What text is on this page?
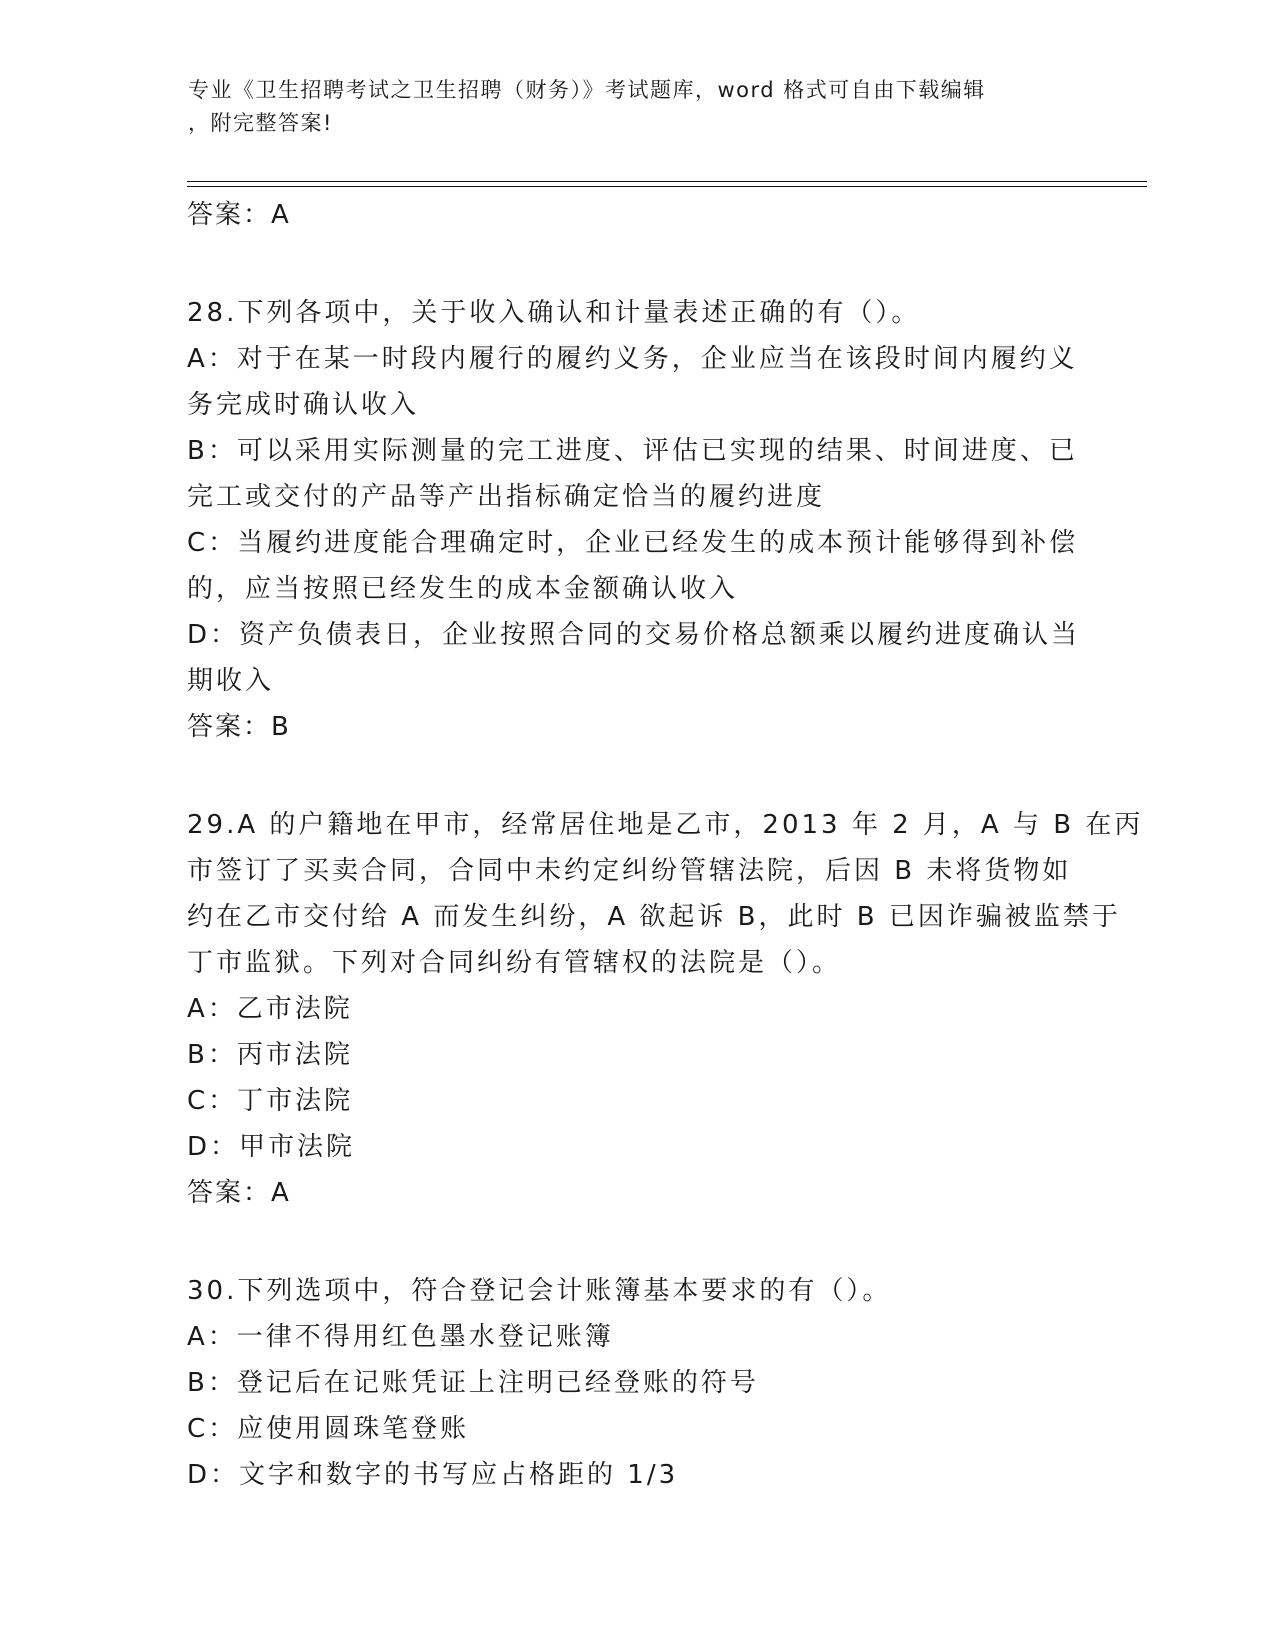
专业《卫生招聘考试之卫生招聘（财务）》考试题库，word 格式可自由下载编辑
，附完整答案!

答案：A

28.下列各项中，关于收入确认和计量表述正确的有（）。

A：对于在某一时段内履行的履约义务，企业应当在该段时间内履约义

务完成时确认收入

B：可以采用实际测量的完工进度、评估已实现的结果、时间进度、已

完工或交付的产品等产出指标确定恰当的履约进度

C：当履约进度能合理确定时，企业已经发生的成本预计能够得到补偿

的，应当按照已经发生的成本金额确认收入

D：资产负债表日，企业按照合同的交易价格总额乘以履约进度确认当

期收入

答案：B

29.A 的户籍地在甲市，经常居住地是乙市，2013 年 2 月，A 与 B 在丙

市签订了买卖合同，合同中未约定纠纷管辖法院，后因 B 未将货物如

约在乙市交付给 A 而发生纠纷，A 欲起诉 B，此时 B 已因诈骗被监禁于

丁市监狱。下列对合同纠纷有管辖权的法院是（）。

A：乙市法院

B：丙市法院

C：丁市法院

D：甲市法院

答案：A

30.下列选项中，符合登记会计账簿基本要求的有（）。

A：一律不得用红色墨水登记账簿

B：登记后在记账凭证上注明已经登账的符号

C：应使用圆珠笔登账

D：文字和数字的书写应占格距的 1/3
